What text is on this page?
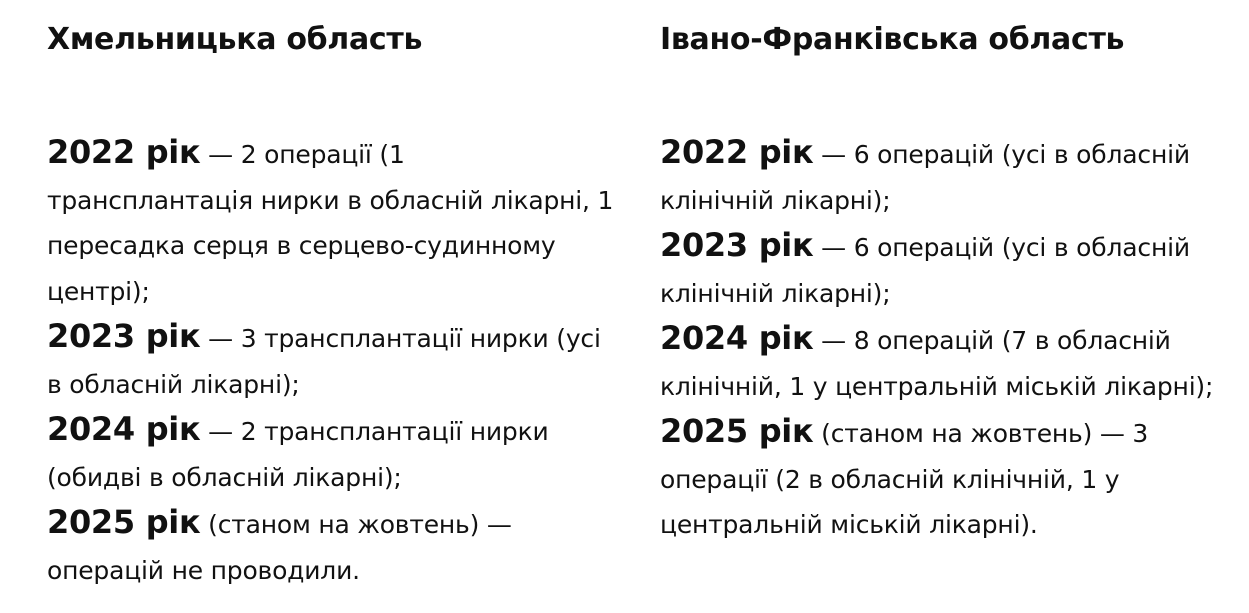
Хмельницька область
2022 рік — 2 операції (1 трансплантація нирки в обласній лікарні, 1 пересадка серця в серцево-судинному центрі);
2023 рік — 3 трансплантації нирки (усі в обласній лікарні);
2024 рік — 2 трансплантації нирки (обидві в обласній лікарні);
2025 рік (станом на жовтень) — операцій не проводили.
Івано-Франківська область
2022 рік — 6 операцій (усі в обласній клінічній лікарні);
2023 рік — 6 операцій (усі в обласній клінічній лікарні);
2024 рік — 8 операцій (7 в обласній клінічній, 1 у центральній міській лікарні);
2025 рік (станом на жовтень) — 3 операції (2 в обласній клінічній, 1 у центральній міській лікарні).
